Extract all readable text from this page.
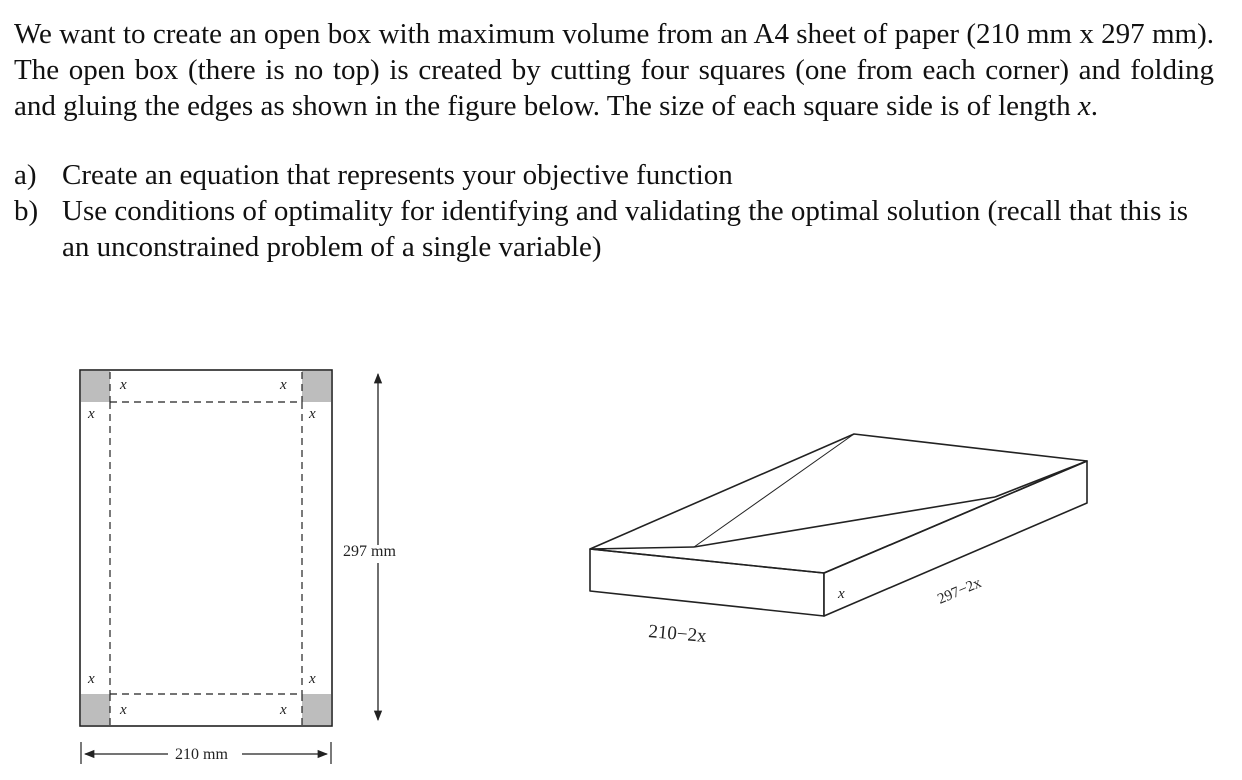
We want to create an open box with maximum volume from an A4 sheet of paper (210 mm x 297 mm). The open box (there is no top) is created by cutting four squares (one from each corner) and folding and gluing the edges as shown in the figure below. The size of each square side is of length x.

a) Create an equation that represents your objective function
b) Use conditions of optimality for identifying and validating the optimal solution (recall that this is an unconstrained problem of a single variable)
x	x
x	x
x	x
x	x
297 mm
210 mm
210−2x
x	297−2x
